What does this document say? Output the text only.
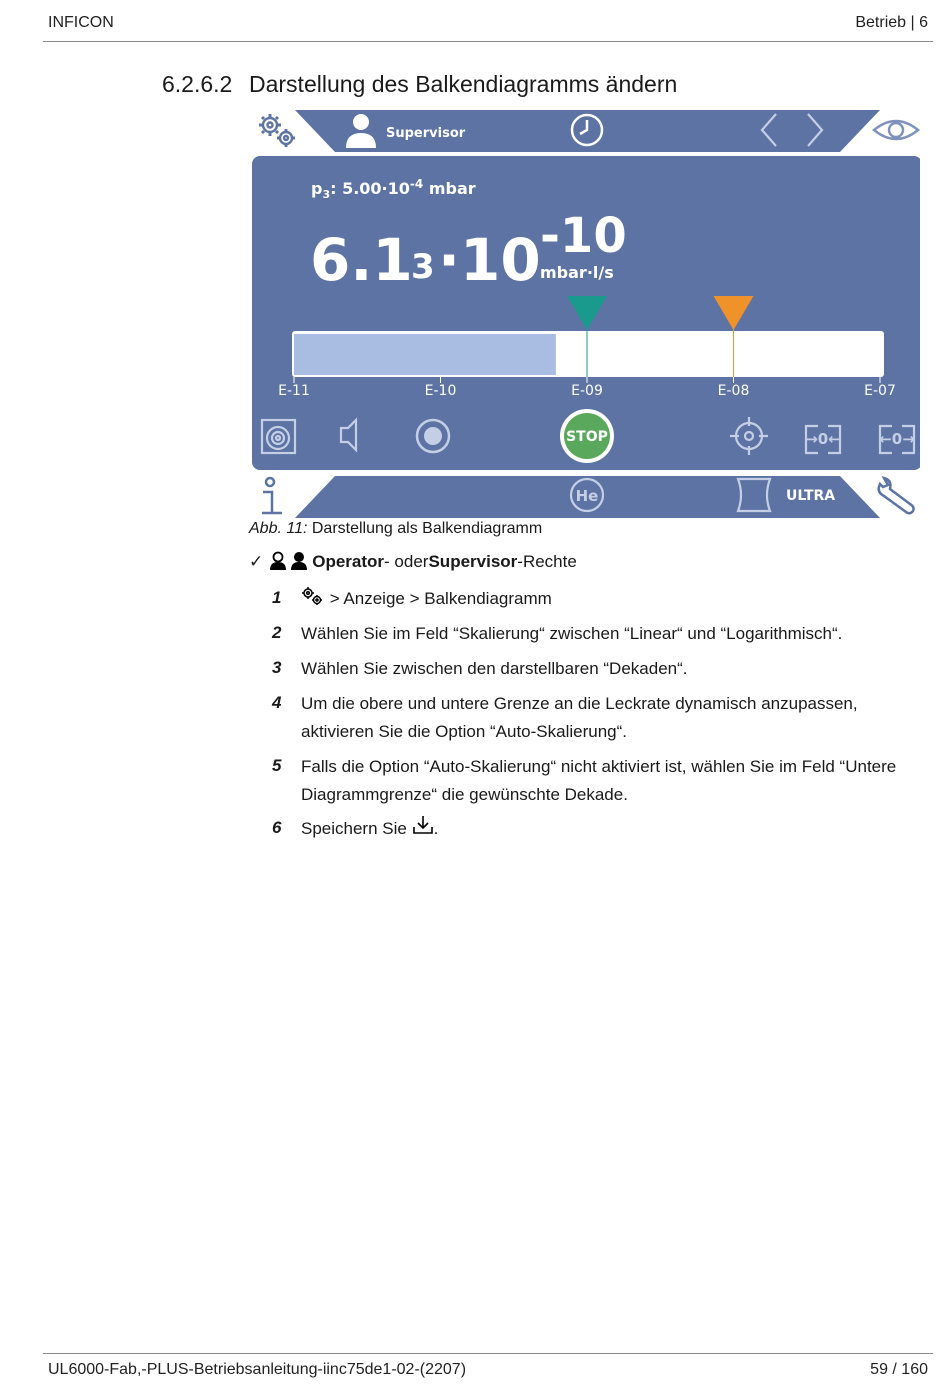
INFICON	Betrieb | 6
6.2.6.2 Darstellung des Balkendiagramms ändern
Supervisor
$p_3$: $5.00\cdot 10^{-4}$ mbar
6.1
3 ·10 -10
mbar·l/s
E-11	E-10	E-09	E-08	E-07
STOP	→0←	←0→
He	ULTRA
Abb. 11: Darstellung als Balkendiagramm
✓	Operator - oder Supervisor -Rechte
1	> Anzeige > Balkendiagramm
2 Wählen Sie im Feld “Skalierung“ zwischen “Linear“ und “Logarithmisch“.
3 Wählen Sie zwischen den darstellbaren “Dekaden“.
4 Um die obere und untere Grenze an die Leckrate dynamisch anzupassen,
aktivieren Sie die Option “Auto-Skalierung“.
5 Falls die Option “Auto-Skalierung“ nicht aktiviert ist, wählen Sie im Feld “Untere
Diagrammgrenze“ die gewünschte Dekade.
6 Speichern Sie .
UL6000-Fab,-PLUS-Betriebsanleitung-iinc75de1-02-(2207)	59 / 160
